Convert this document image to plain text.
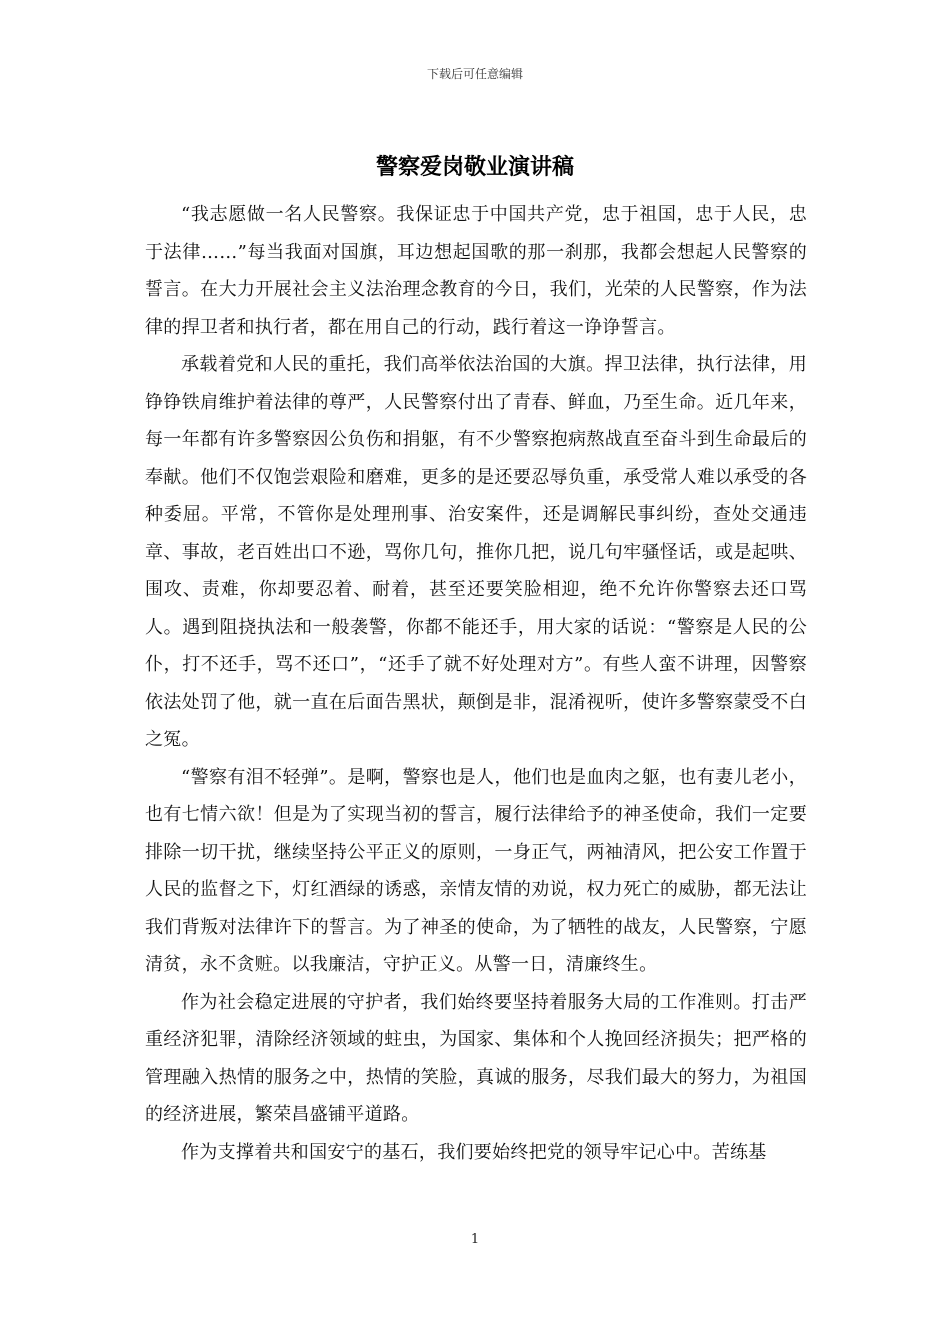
下载后可任意编辑
警察爱岗敬业演讲稿

“我志愿做一名人民警察。我保证忠于中国共产党，忠于祖国，忠于人民，忠于法律……”每当我面对国旗，耳边想起国歌的那一刹那，我都会想起人民警察的誓言。在大力开展社会主义法治理念教育的今日，我们，光荣的人民警察，作为法律的捍卫者和执行者，都在用自己的行动，践行着这一诤诤誓言。

承载着党和人民的重托，我们高举依法治国的大旗。捍卫法律，执行法律，用铮铮铁肩维护着法律的尊严，人民警察付出了青春、鲜血，乃至生命。近几年来，每一年都有许多警察因公负伤和捐躯，有不少警察抱病熬战直至奋斗到生命最后的奉献。他们不仅饱尝艰险和磨难，更多的是还要忍辱负重，承受常人难以承受的各种委屈。平常，不管你是处理刑事、治安案件，还是调解民事纠纷，查处交通违章、事故，老百姓出口不逊，骂你几句，推你几把，说几句牢骚怪话，或是起哄、围攻、责难，你却要忍着、耐着，甚至还要笑脸相迎，绝不允许你警察去还口骂人。遇到阻挠执法和一般袭警，你都不能还手，用大家的话说：“警察是人民的公仆，打不还手，骂不还口”，“还手了就不好处理对方”。有些人蛮不讲理，因警察依法处罚了他，就一直在后面告黑状，颠倒是非，混淆视听，使许多警察蒙受不白之冤。

“警察有泪不轻弹”。是啊，警察也是人，他们也是血肉之躯，也有妻儿老小，也有七情六欲！但是为了实现当初的誓言，履行法律给予的神圣使命，我们一定要排除一切干扰，继续坚持公平正义的原则，一身正气，两袖清风，把公安工作置于人民的监督之下，灯红酒绿的诱惑，亲情友情的劝说，权力死亡的威胁，都无法让我们背叛对法律许下的誓言。为了神圣的使命，为了牺牲的战友，人民警察，宁愿清贫，永不贪赃。以我廉洁，守护正义。从警一日，清廉终生。

作为社会稳定进展的守护者，我们始终要坚持着服务大局的工作准则。打击严重经济犯罪，清除经济领域的蛀虫，为国家、集体和个人挽回经济损失；把严格的管理融入热情的服务之中，热情的笑脸，真诚的服务，尽我们最大的努力，为祖国的经济进展，繁荣昌盛铺平道路。

作为支撑着共和国安宁的基石，我们要始终把党的领导牢记心中。苦练基

1
